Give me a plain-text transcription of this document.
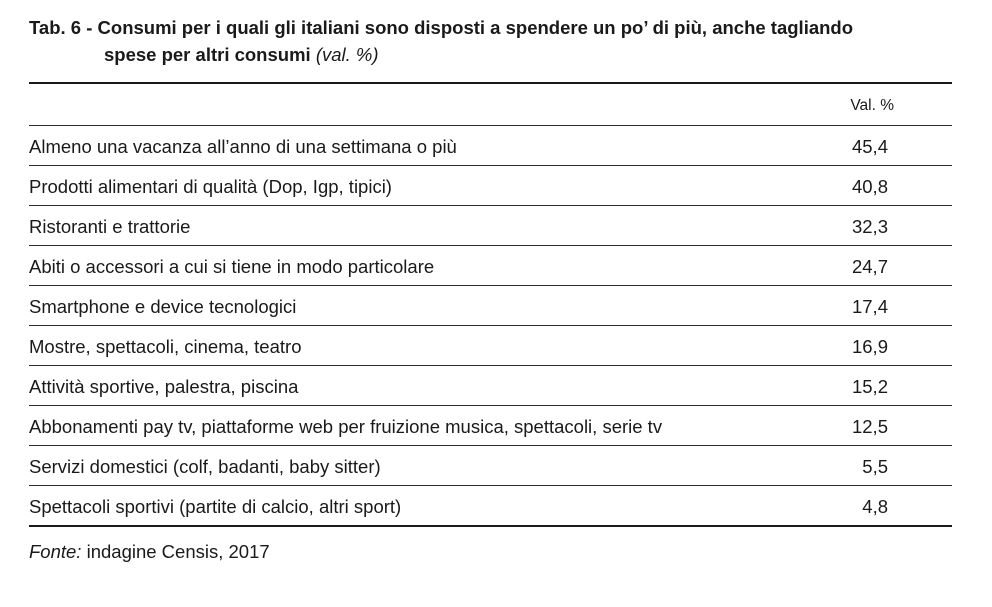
Tab. 6 - Consumi per i quali gli italiani sono disposti a spendere un po’ di più, anche tagliando
spese per altri consumi (val. %)
Val. %
Almeno una vacanza all’anno di una settimana o più	45,4
Prodotti alimentari di qualità (Dop, Igp, tipici)	40,8
Ristoranti e trattorie	32,3
Abiti o accessori a cui si tiene in modo particolare	24,7
Smartphone e device tecnologici	17,4
Mostre, spettacoli, cinema, teatro	16,9
Attività sportive, palestra, piscina	15,2
Abbonamenti pay tv, piattaforme web per fruizione musica, spettacoli, serie tv	12,5
Servizi domestici (colf, badanti, baby sitter)	5,5
Spettacoli sportivi (partite di calcio, altri sport)	4,8
Fonte: indagine Censis, 2017
